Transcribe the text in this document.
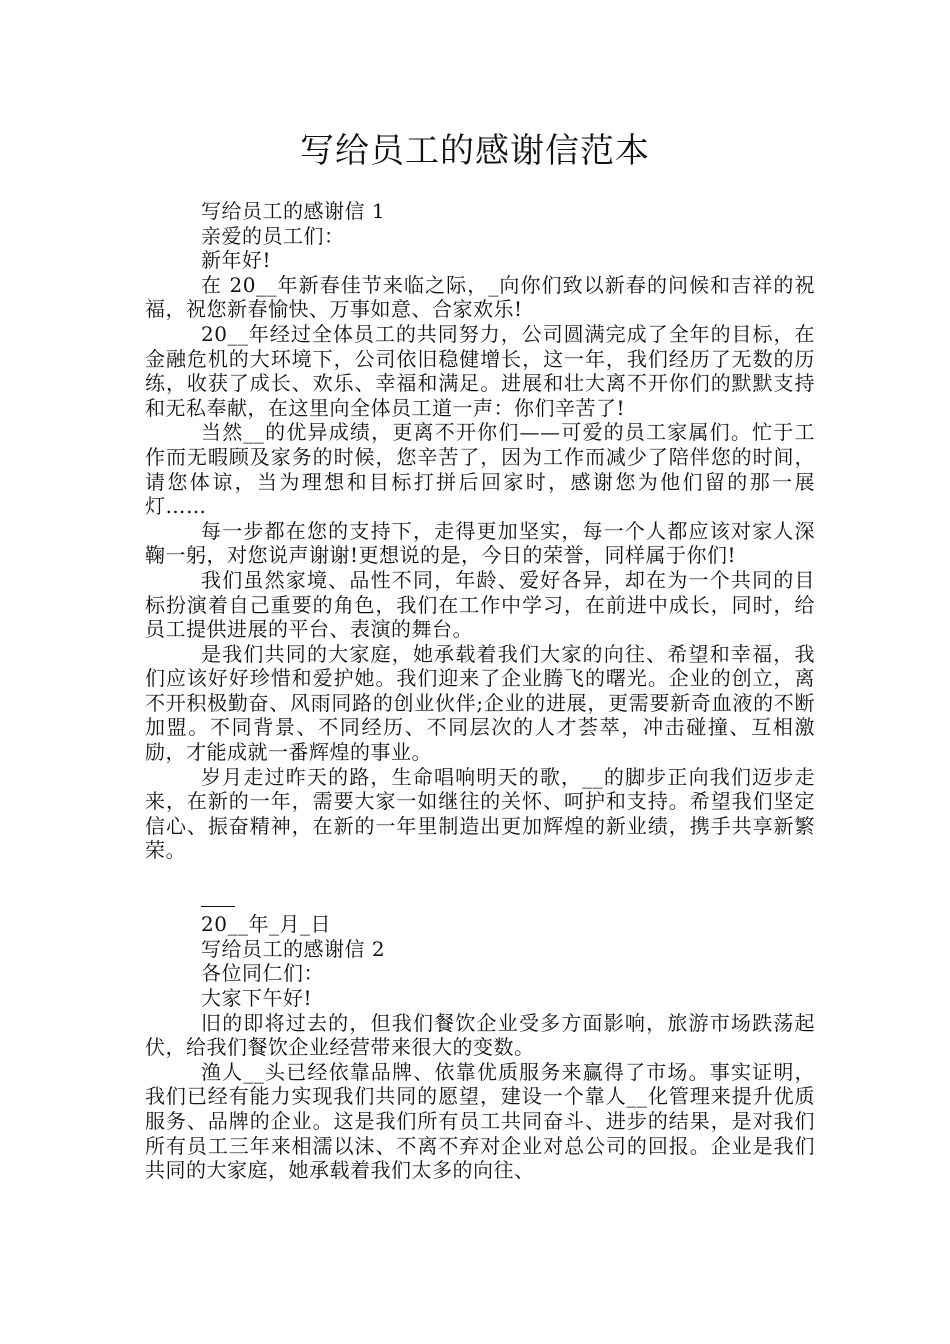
写给员工的感谢信范本

写给员工的感谢信 1

亲爱的员工们：

新年好!

在 20__年新春佳节来临之际，_向你们致以新春的问候和吉祥的祝福，祝您新春愉快、万事如意、合家欢乐!

20__年经过全体员工的共同努力，公司圆满完成了全年的目标，在金融危机的大环境下，公司依旧稳健增长，这一年，我们经历了无数的历练，收获了成长、欢乐、幸福和满足。进展和壮大离不开你们的默默支持和无私奉献，在这里向全体员工道一声：你们辛苦了!

当然__的优异成绩，更离不开你们——可爱的员工家属们。忙于工作而无暇顾及家务的时候，您辛苦了，因为工作而减少了陪伴您的时间，请您体谅，当为理想和目标打拼后回家时，感谢您为他们留的那一展灯……

每一步都在您的支持下，走得更加坚实，每一个人都应该对家人深鞠一躬，对您说声谢谢!更想说的是，今日的荣誉，同样属于你们!

我们虽然家境、品性不同，年龄、爱好各异，却在为一个共同的目标扮演着自己重要的角色，我们在工作中学习，在前进中成长，同时，给员工提供进展的平台、表演的舞台。

是我们共同的大家庭，她承载着我们大家的向往、希望和幸福，我们应该好好珍惜和爱护她。我们迎来了企业腾飞的曙光。企业的创立，离不开积极勤奋、风雨同路的创业伙伴;企业的进展，更需要新奇血液的不断加盟。不同背景、不同经历、不同层次的人才荟萃，冲击碰撞、互相激励，才能成就一番辉煌的事业。

岁月走过昨天的路，生命唱响明天的歌，__的脚步正向我们迈步走来，在新的一年，需要大家一如继往的关怀、呵护和支持。希望我们坚定信心、振奋精神，在新的一年里制造出更加辉煌的新业绩，携手共享新繁荣。

20__年_月_日

写给员工的感谢信 2

各位同仁们：

大家下午好!

旧的即将过去的，但我们餐饮企业受多方面影响，旅游市场跌荡起伏，给我们餐饮企业经营带来很大的变数。

渔人__头已经依靠品牌、依靠优质服务来赢得了市场。事实证明，我们已经有能力实现我们共同的愿望，建设一个靠人__化管理来提升优质服务、品牌的企业。这是我们所有员工共同奋斗、进步的结果，是对我们所有员工三年来相濡以沫、不离不弃对企业对总公司的回报。企业是我们共同的大家庭，她承载着我们太多的向往、
